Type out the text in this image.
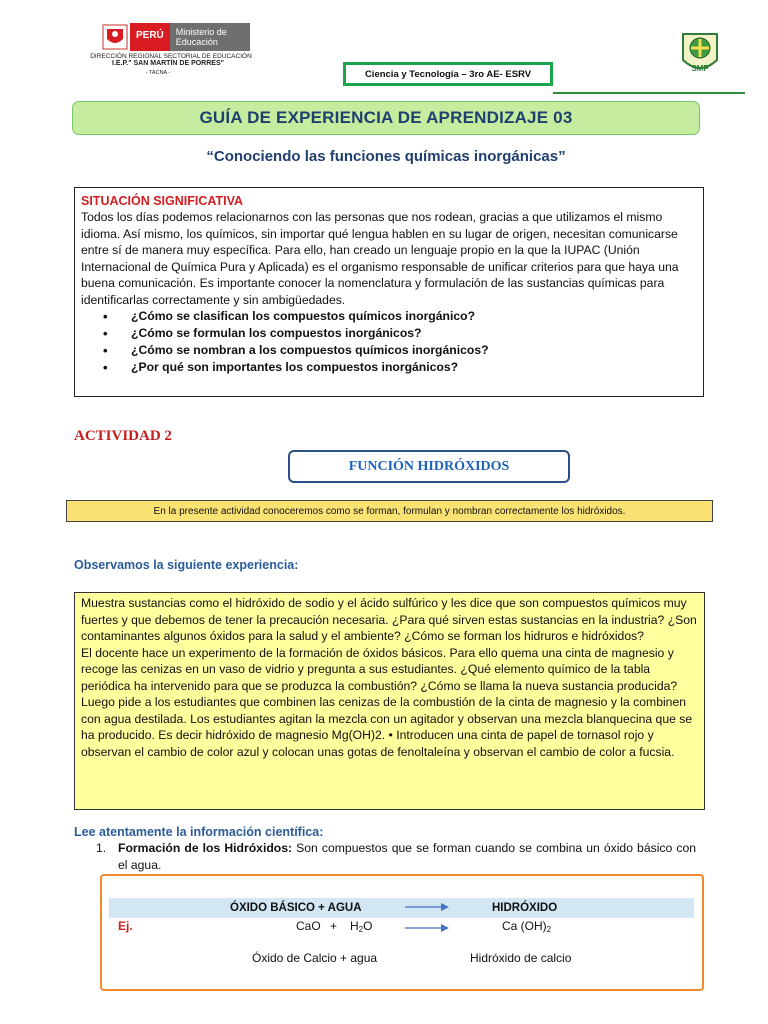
PERÚ	Ministerio de Educación
DIRECCIÓN REGIONAL SECTORIAL DE EDUCACIÓN
I.E.P." SAN MARTÍN DE PORRES"
- TACNA -	SMP
Ciencia y Tecnología – 3ro AE- ESRV
GUÍA DE EXPERIENCIA DE APRENDIZAJE 03
“Conociendo las funciones químicas inorgánicas”
SITUACIÓN SIGNIFICATIVA
Todos los días podemos relacionarnos con las personas que nos rodean, gracias a que utilizamos el mismo idioma. Así mismo, los químicos, sin importar qué lengua hablen en su lugar de origen, necesitan comunicarse entre sí de manera muy específica. Para ello, han creado un lenguaje propio en la que la IUPAC (Unión Internacional de Química Pura y Aplicada) es el organismo responsable de unificar criterios para que haya una buena comunicación. Es importante conocer la nomenclatura y formulación de las sustancias químicas para identificarlas correctamente y sin ambigüedades.
• ¿Cómo se clasifican los compuestos químicos inorgánico?
• ¿Cómo se formulan los compuestos inorgánicos?
• ¿Cómo se nombran a los compuestos químicos inorgánicos?
• ¿Por qué son importantes los compuestos inorgánicos?
ACTIVIDAD 2
FUNCIÓN HIDRÓXIDOS
En la presente actividad conoceremos como se forman, formulan y nombran correctamente los hidróxidos.
Observamos la siguiente experiencia:
Muestra sustancias como el hidróxido de sodio y el ácido sulfúrico y les dice que son compuestos químicos muy fuertes y que debemos de tener la precaución necesaria. ¿Para qué sirven estas sustancias en la industria? ¿Son contaminantes algunos óxidos para la salud y el ambiente? ¿Cómo se forman los hidruros e hidróxidos?
El docente hace un experimento de la formación de óxidos básicos. Para ello quema una cinta de magnesio y recoge las cenizas en un vaso de vidrio y pregunta a sus estudiantes. ¿Qué elemento químico de la tabla periódica ha intervenido para que se produzca la combustión? ¿Cómo se llama la nueva sustancia producida?
Luego pide a los estudiantes que combinen las cenizas de la combustión de la cinta de magnesio y la combinen con agua destilada. Los estudiantes agitan la mezcla con un agitador y observan una mezcla blanquecina que se ha producido. Es decir hidróxido de magnesio Mg(OH)2. • Introducen una cinta de papel de tornasol rojo y observan el cambio de color azul y colocan unas gotas de fenoltaleína y observan el cambio de color a fucsia.
Lee atentamente la información científica:
1. Formación de los Hidróxidos: Son compuestos que se forman cuando se combina un óxido básico con el agua.
ÓXIDO BÁSICO + AGUA	HIDRÓXIDO
Ej.	CaO + $H_2O$	Ca $(OH)_2$
Óxido de Calcio + agua	Hidróxido de calcio
